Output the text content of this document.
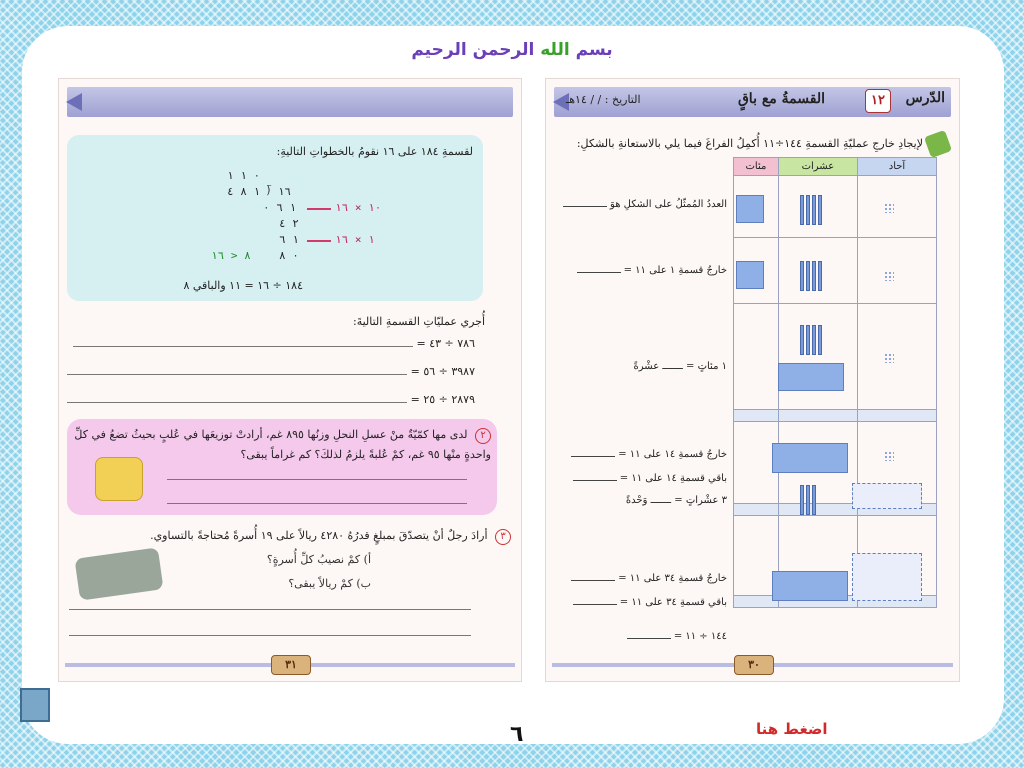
بسم الله الرحمن الرحيم
الدّرس
١٢
القسمةُ مع باقٍ
التاريخ : / / ١٤هـ
لإيجادِ خارجِ عمليّةِ القسمةِ ١٤٤÷١١ أُكمِلُ الفراغَ فيما يلي بالاستعانةِ بالشكلِ:
آحاد	عشرات	مئات

العددُ المُمثّلُ على الشكلِ هوَ
خارجُ قسمةِ ١ على ١١ =
١ مئاتٍ = ـــــــ عشْرةً
خارجُ قسمةِ ١٤ على ١١ =
باقي قسمةِ ١٤ على ١١ =
٣ عشْراتٍ = ـــــــ وَحْدةً
خارجُ قسمةِ ٣٤ على ١١ =
باقي قسمةِ ٣٤ على ١١ =
١٤٤ ÷ ١١ =
٣٠
لقسمةِ ١٨٤ على ١٦ نقومُ بالخطواتِ التاليةِ:
٠ ١ ١
١٦ ⟌ ١ ٨ ٤
١ ٦ ٠	١٠ × ١٦
٢ ٤
١ ٦	١ × ١٦
٠ ٨
٨ < ١٦
١٨٤ ÷ ١٦ = ١١ والباقي ٨
أُجري عمليّاتِ القسمةِ التاليةَ:
٧٨٦ ÷ ٤٣ =
٣٩٨٧ ÷ ٥٦ =
٢٨٧٩ ÷ ٢٥ =
٢ لدى مها كمّيّةٌ منْ عسلِ النحلِ وزنُها ٨٩٥ غم، أرادتْ توزيعَها في عُلبٍ بحيثُ تضعُ في كلِّ واحدةٍ منْها ٩٥ غم، كمْ عُلبةً يلزمُ لذلكَ؟ كم غراماً يبقى؟
٣ أرادَ رجلٌ أنْ يتصدّقَ بمبلغٍ قدرُهُ ٤٢٨٠ ريالاً على ١٩ أُسرةً مُحتاجةً بالتساوي.
أ) كمْ نصيبُ كلِّ أُسرةٍ؟
ب) كمْ ريالاً يبقى؟
٣١
٦	اضغط هنا
